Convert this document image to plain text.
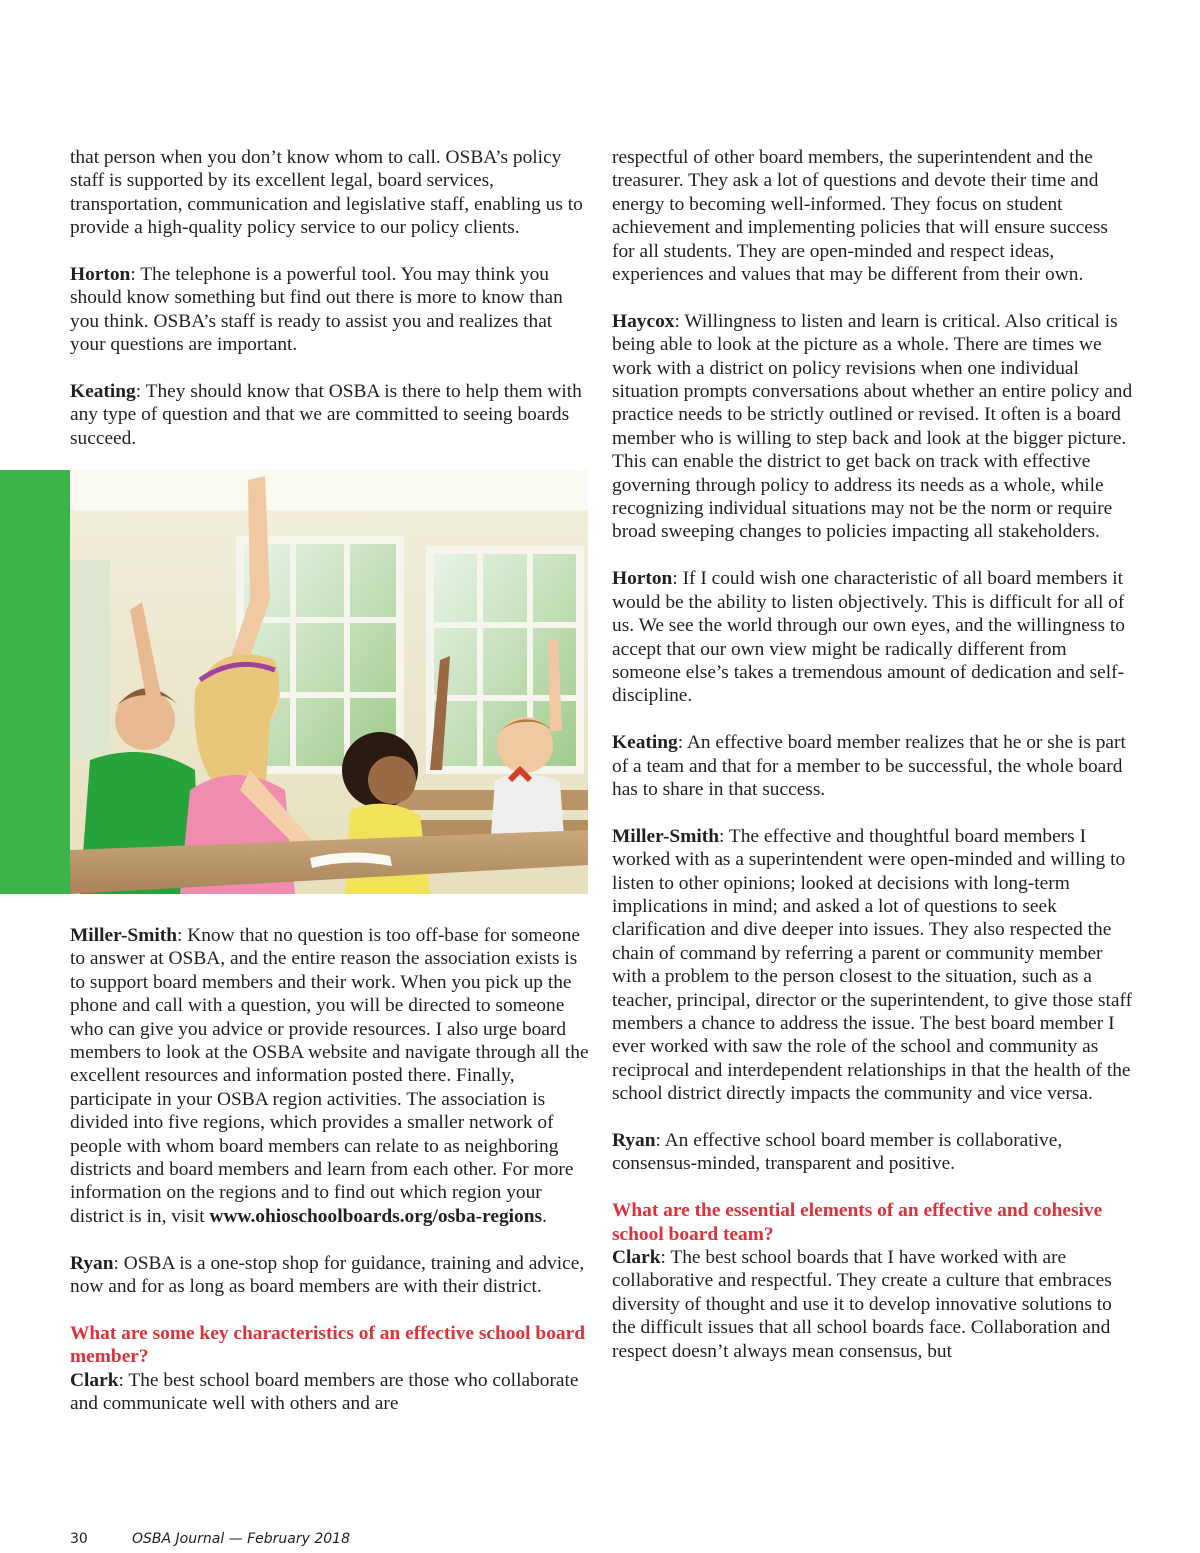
that person when you don’t know whom to call. OSBA’s policy staff is supported by its excellent legal, board services, transportation, communication and legislative staff, enabling us to provide a high-quality policy service to our policy clients.

Horton: The telephone is a powerful tool. You may think you should know something but find out there is more to know than you think. OSBA’s staff is ready to assist you and realizes that your questions are important.

Keating: They should know that OSBA is there to help them with any type of question and that we are committed to seeing boards succeed.

Miller-Smith: Know that no question is too off-base for someone to answer at OSBA, and the entire reason the association exists is to support board members and their work. When you pick up the phone and call with a question, you will be directed to someone who can give you advice or provide resources. I also urge board members to look at the OSBA website and navigate through all the excellent resources and information posted there. Finally, participate in your OSBA region activities. The association is divided into five regions, which provides a smaller network of people with whom board members can relate to as neighboring districts and board members and learn from each other. For more information on the regions and to find out which region your district is in, visit www.ohioschoolboards.org/osba-regions.

Ryan: OSBA is a one-stop shop for guidance, training and advice, now and for as long as board members are with their district.

What are some key characteristics of an effective school board member?

Clark: The best school board members are those who collaborate and communicate well with others and are

respectful of other board members, the superintendent and the treasurer. They ask a lot of questions and devote their time and energy to becoming well-informed. They focus on student achievement and implementing policies that will ensure success for all students. They are open-minded and respect ideas, experiences and values that may be different from their own.

Haycox: Willingness to listen and learn is critical. Also critical is being able to look at the picture as a whole. There are times we work with a district on policy revisions when one individual situation prompts conversations about whether an entire policy and practice needs to be strictly outlined or revised. It often is a board member who is willing to step back and look at the bigger picture. This can enable the district to get back on track with effective governing through policy to address its needs as a whole, while recognizing individual situations may not be the norm or require broad sweeping changes to policies impacting all stakeholders.

Horton: If I could wish one characteristic of all board members it would be the ability to listen objectively. This is difficult for all of us. We see the world through our own eyes, and the willingness to accept that our own view might be radically different from someone else’s takes a tremendous amount of dedication and self-discipline.

Keating: An effective board member realizes that he or she is part of a team and that for a member to be successful, the whole board has to share in that success.

Miller-Smith: The effective and thoughtful board members I worked with as a superintendent were open-minded and willing to listen to other opinions; looked at decisions with long-term implications in mind; and asked a lot of questions to seek clarification and dive deeper into issues. They also respected the chain of command by referring a parent or community member with a problem to the person closest to the situation, such as a teacher, principal, director or the superintendent, to give those staff members a chance to address the issue. The best board member I ever worked with saw the role of the school and community as reciprocal and interdependent relationships in that the health of the school district directly impacts the community and vice versa.

Ryan: An effective school board member is collaborative, consensus-minded, transparent and positive.

What are the essential elements of an effective and cohesive school board team?

Clark: The best school boards that I have worked with are collaborative and respectful. They create a culture that embraces diversity of thought and use it to develop innovative solutions to the difficult issues that all school boards face. Collaboration and respect doesn’t always mean consensus, but

30	OSBA Journal — February 2018
